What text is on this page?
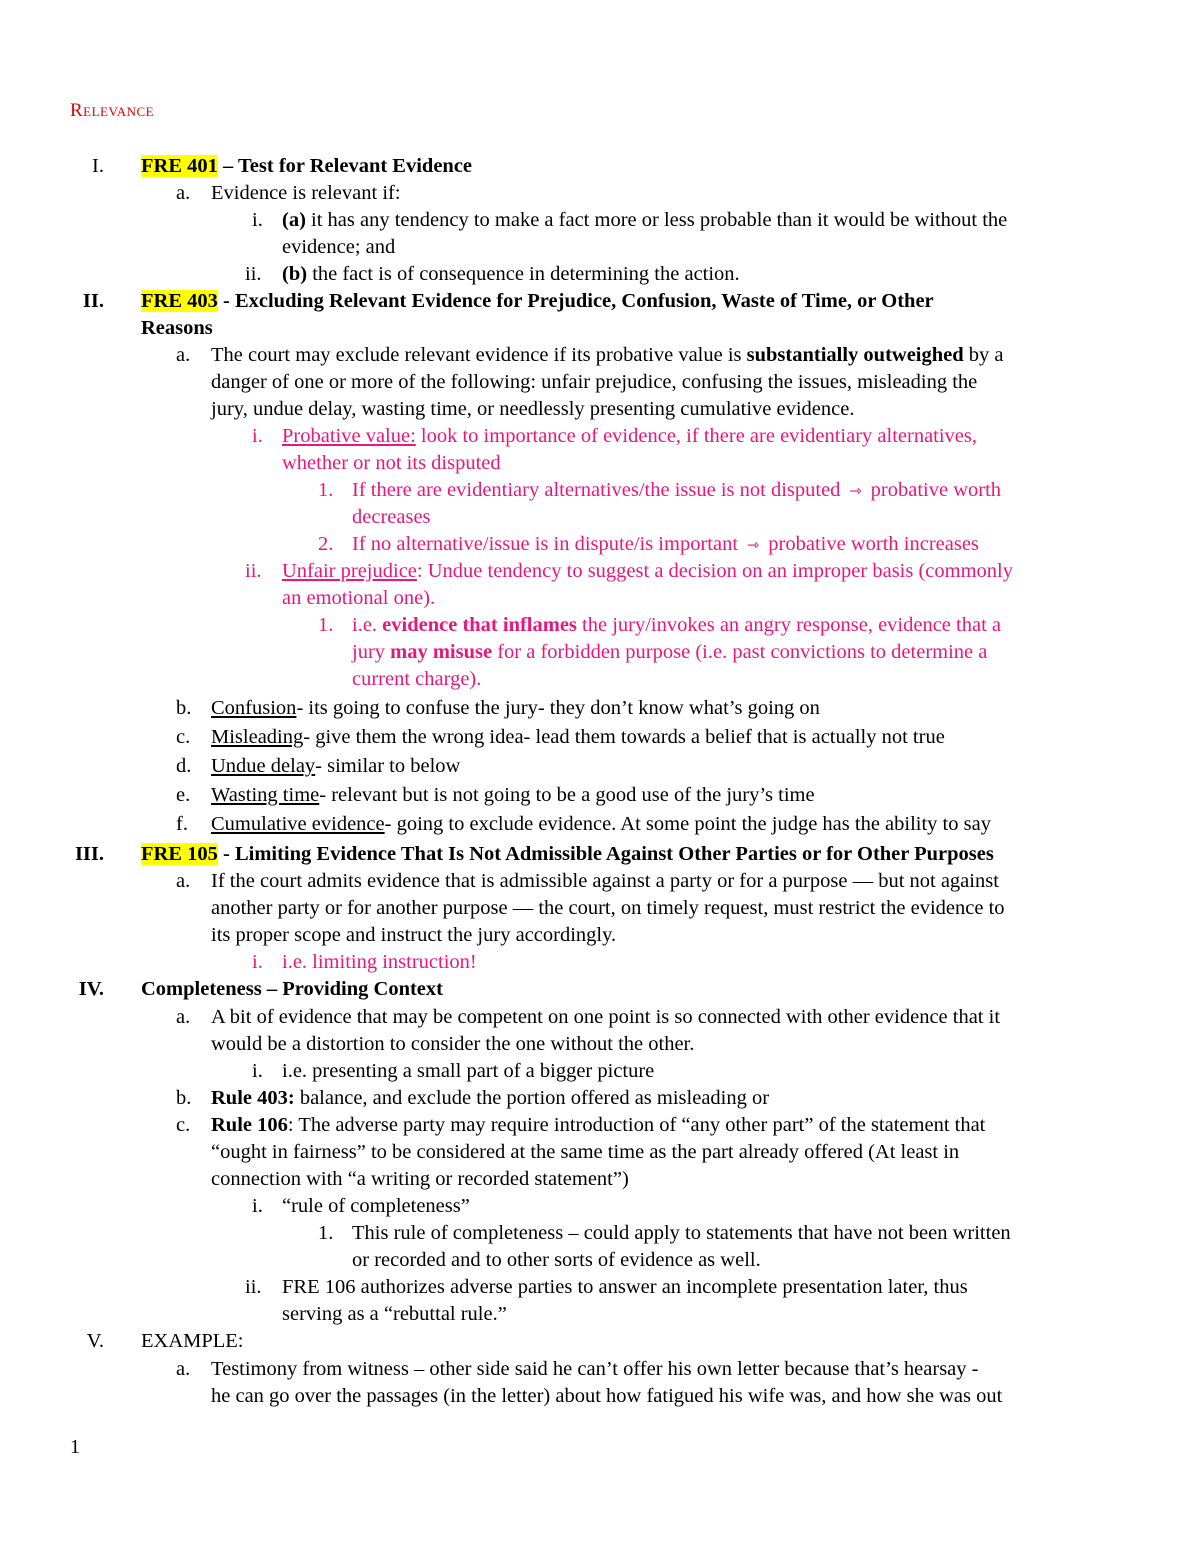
Relevance
I. FRE 401 – Test for Relevant Evidence
a. Evidence is relevant if:
i. (a) it has any tendency to make a fact more or less probable than it would be without the
evidence; and
ii. (b) the fact is of consequence in determining the action.
II. FRE 403 - Excluding Relevant Evidence for Prejudice, Confusion, Waste of Time, or Other
Reasons
a. The court may exclude relevant evidence if its probative value is substantially outweighed by a
danger of one or more of the following: unfair prejudice, confusing the issues, misleading the
jury, undue delay, wasting time, or needlessly presenting cumulative evidence.
i. Probative value: look to importance of evidence, if there are evidentiary alternatives,
whether or not its disputed
1. If there are evidentiary alternatives/the issue is not disputed ⇾ probative worth
decreases
2. If no alternative/issue is in dispute/is important ⇾ probative worth increases
ii. Unfair prejudice: Undue tendency to suggest a decision on an improper basis (commonly
an emotional one).
1. i.e. evidence that inflames the jury/invokes an angry response, evidence that a
jury may misuse for a forbidden purpose (i.e. past convictions to determine a
current charge).
b. Confusion- its going to confuse the jury- they don’t know what’s going on
c. Misleading- give them the wrong idea- lead them towards a belief that is actually not true
d. Undue delay- similar to below
e. Wasting time- relevant but is not going to be a good use of the jury’s time
f. Cumulative evidence- going to exclude evidence. At some point the judge has the ability to say
III. FRE 105 - Limiting Evidence That Is Not Admissible Against Other Parties or for Other Purposes
a. If the court admits evidence that is admissible against a party or for a purpose — but not against
another party or for another purpose — the court, on timely request, must restrict the evidence to
its proper scope and instruct the jury accordingly.
i. i.e. limiting instruction!
IV. Completeness – Providing Context
a. A bit of evidence that may be competent on one point is so connected with other evidence that it
would be a distortion to consider the one without the other.
i. i.e. presenting a small part of a bigger picture
b. Rule 403: balance, and exclude the portion offered as misleading or
c. Rule 106: The adverse party may require introduction of “any other part” of the statement that
“ought in fairness” to be considered at the same time as the part already offered (At least in
connection with “a writing or recorded statement”)
i. “rule of completeness”
1. This rule of completeness – could apply to statements that have not been written
or recorded and to other sorts of evidence as well.
ii. FRE 106 authorizes adverse parties to answer an incomplete presentation later, thus
serving as a “rebuttal rule.”
V. EXAMPLE:
a. Testimony from witness – other side said he can’t offer his own letter because that’s hearsay -
he can go over the passages (in the letter) about how fatigued his wife was, and how she was out
1
